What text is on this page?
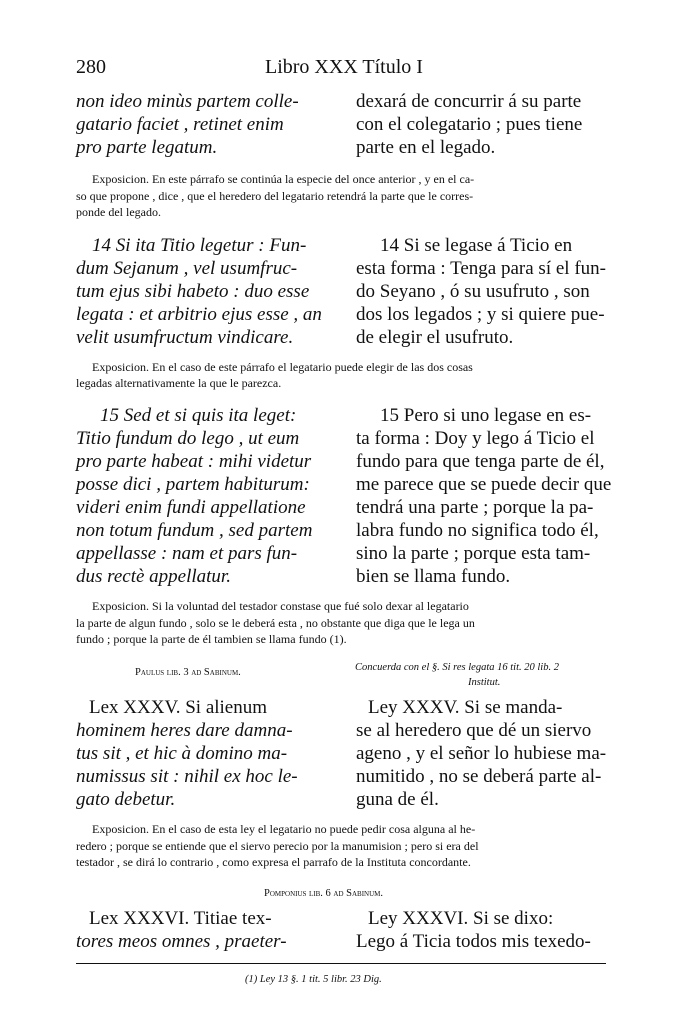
280	Libro XXX Título I
non ideo minùs partem colle-
gatario faciet , retinet enim
pro parte legatum.
dexará de concurrir á su parte
con el colegatario ; pues tiene
parte en el legado.
Exposicion. En este párrafo se continúa la especie del once anterior , y en el ca-
so que propone , dice , que el heredero del legatario retendrá la parte que le corres-
ponde del legado.
14 Si ita Titio legetur : Fun-
dum Sejanum , vel usumfruc-
tum ejus sibi habeto : duo esse
legata : et arbitrio ejus esse , an
velit usumfructum vindicare.
14 Si se legase á Ticio en
esta forma : Tenga para sí el fun-
do Seyano , ó su usufruto , son
dos los legados ; y si quiere pue-
de elegir el usufruto.
Exposicion. En el caso de este párrafo el legatario puede elegir de las dos cosas
legadas alternativamente la que le parezca.
15 Sed et si quis ita leget:
Titio fundum do lego , ut eum
pro parte habeat : mihi videtur
posse dici , partem habiturum:
videri enim fundi appellatione
non totum fundum , sed partem
appellasse : nam et pars fun-
dus rectè appellatur.
15 Pero si uno legase en es-
ta forma : Doy y lego á Ticio el
fundo para que tenga parte de él,
me parece que se puede decir que
tendrá una parte ; porque la pa-
labra fundo no significa todo él,
sino la parte ; porque esta tam-
bien se llama fundo.
Exposicion. Si la voluntad del testador constase que fué solo dexar al legatario
la parte de algun fundo , solo se le deberá esta , no obstante que diga que le lega un
fundo ; porque la parte de él tambien se llama fundo (1).
Paulus lib. 3 ad Sabinum.	Concuerda con el §. Si res legata 16 tit. 20 lib. 2
Institut.
Lex XXXV. Si alienum
hominem heres dare damna-
tus sit , et hic à domino ma-
numissus sit : nihil ex hoc le-
gato debetur.
Ley XXXV. Si se manda-
se al heredero que dé un siervo
ageno , y el señor lo hubiese ma-
numitido , no se deberá parte al-
guna de él.
Exposicion. En el caso de esta ley el legatario no puede pedir cosa alguna al he-
redero ; porque se entiende que el siervo perecio por la manumision ; pero si era del
testador , se dirá lo contrario , como expresa el parrafo de la Instituta concordante.
Pomponius lib. 6 ad Sabinum.
Lex XXXVI. Titiae tex-
tores meos omnes , praeter-
Ley XXXVI. Si se dixo:
Lego á Ticia todos mis texedo-
(1) Ley 13 §. 1 tit. 5 libr. 23 Dig.
